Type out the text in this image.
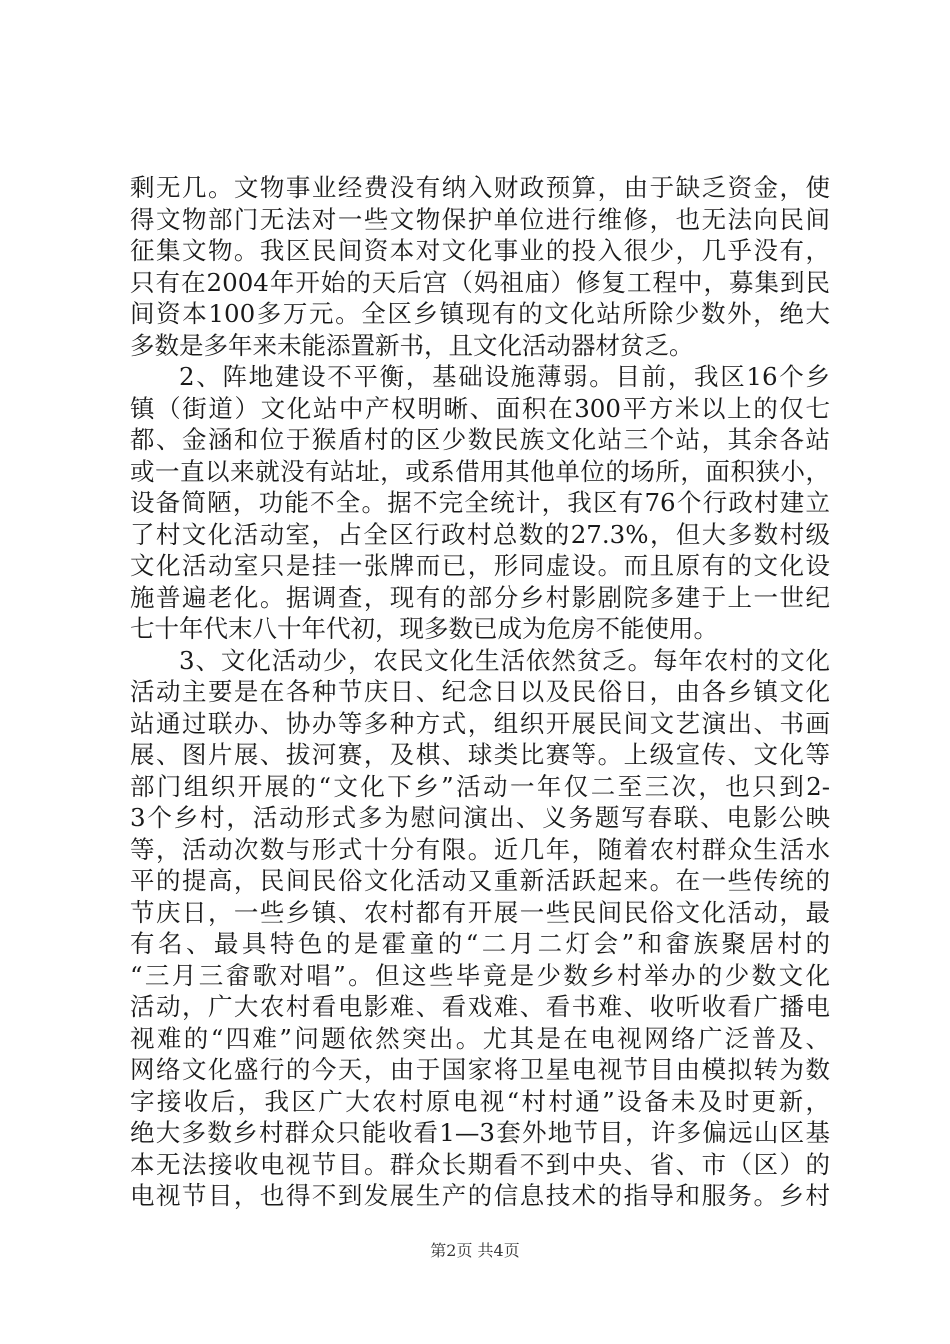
剩无几。文物事业经费没有纳入财政预算，由于缺乏资金，使
得文物部门无法对一些文物保护单位进行维修，也无法向民间
征集文物。我区民间资本对文化事业的投入很少，几乎没有，
只有在2004年开始的天后宫（妈祖庙）修复工程中，募集到民
间资本100多万元。全区乡镇现有的文化站所除少数外，绝大
多数是多年来未能添置新书，且文化活动器材贫乏。
2、阵地建设不平衡，基础设施薄弱。目前，我区16个乡
镇（街道）文化站中产权明晰、面积在300平方米以上的仅七
都、金涵和位于猴盾村的区少数民族文化站三个站，其余各站
或一直以来就没有站址，或系借用其他单位的场所，面积狭小，
设备简陋，功能不全。据不完全统计，我区有76个行政村建立
了村文化活动室，占全区行政村总数的27.3%，但大多数村级
文化活动室只是挂一张牌而已，形同虚设。而且原有的文化设
施普遍老化。据调查，现有的部分乡村影剧院多建于上一世纪
七十年代末八十年代初，现多数已成为危房不能使用。
3、文化活动少，农民文化生活依然贫乏。每年农村的文化
活动主要是在各种节庆日、纪念日以及民俗日，由各乡镇文化
站通过联办、协办等多种方式，组织开展民间文艺演出、书画
展、图片展、拔河赛，及棋、球类比赛等。上级宣传、文化等
部门组织开展的“文化下乡”活动一年仅二至三次，也只到2-
3个乡村，活动形式多为慰问演出、义务题写春联、电影公映
等，活动次数与形式十分有限。近几年，随着农村群众生活水
平的提高，民间民俗文化活动又重新活跃起来。在一些传统的
节庆日，一些乡镇、农村都有开展一些民间民俗文化活动，最
有名、最具特色的是霍童的“二月二灯会”和畲族聚居村的
“三月三畲歌对唱”。但这些毕竟是少数乡村举办的少数文化
活动，广大农村看电影难、看戏难、看书难、收听收看广播电
视难的“四难”问题依然突出。尤其是在电视网络广泛普及、
网络文化盛行的今天，由于国家将卫星电视节目由模拟转为数
字接收后，我区广大农村原电视“村村通”设备未及时更新，
绝大多数乡村群众只能收看1—3套外地节目，许多偏远山区基
本无法接收电视节目。群众长期看不到中央、省、市（区）的
电视节目，也得不到发展生产的信息技术的指导和服务。乡村
第2页 共4页
